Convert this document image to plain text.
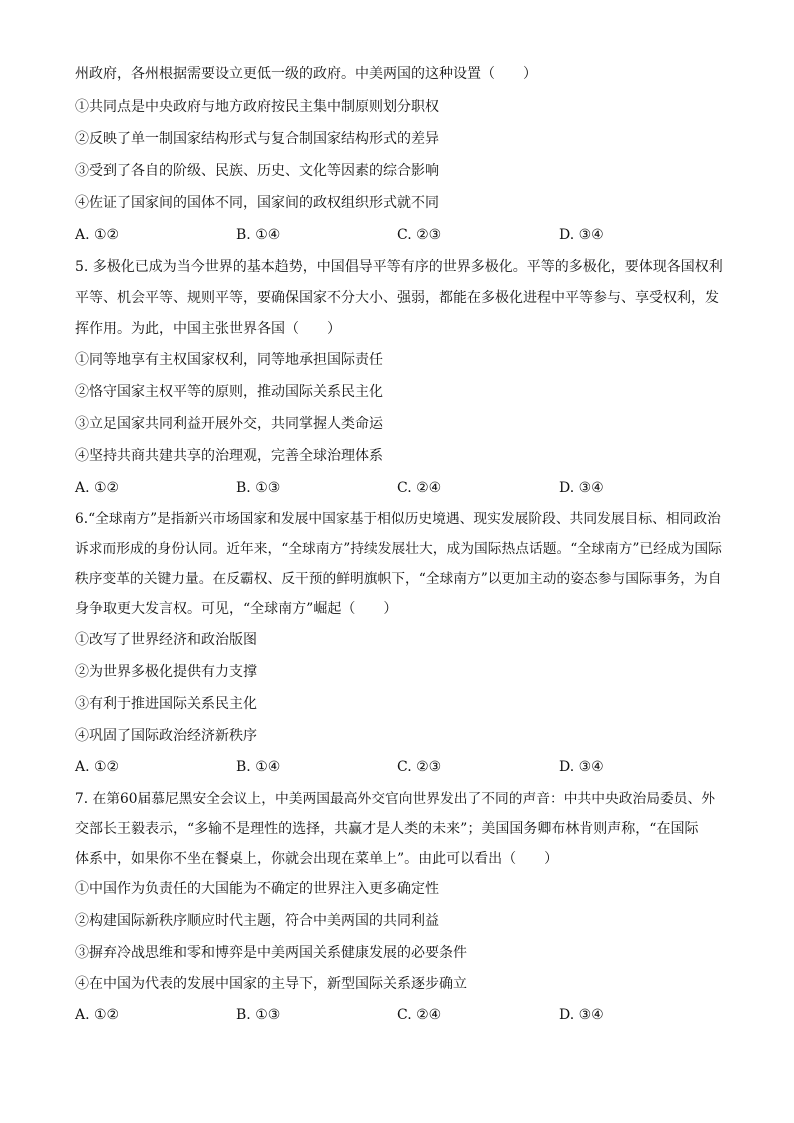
州政府，各州根据需要设立更低一级的政府。中美两国的这种设置（　　）
①共同点是中央政府与地方政府按民主集中制原则划分职权
②反映了单一制国家结构形式与复合制国家结构形式的差异
③受到了各自的阶级、民族、历史、文化等因素的综合影响
④佐证了国家间的国体不同，国家间的政权组织形式就不同
A. ①②	B. ①④	C. ②③	D. ③④
5. 多极化已成为当今世界的基本趋势，中国倡导平等有序的世界多极化。平等的多极化，要体现各国权利
平等、机会平等、规则平等，要确保国家不分大小、强弱，都能在多极化进程中平等参与、享受权利，发
挥作用。为此，中国主张世界各国（　　）
①同等地享有主权国家权利，同等地承担国际责任
②恪守国家主权平等的原则，推动国际关系民主化
③立足国家共同利益开展外交，共同掌握人类命运
④坚持共商共建共享的治理观，完善全球治理体系
A. ①②	B. ①③	C. ②④	D. ③④
6.“全球南方”是指新兴市场国家和发展中国家基于相似历史境遇、现实发展阶段、共同发展目标、相同政治
诉求而形成的身份认同。近年来，“全球南方”持续发展壮大，成为国际热点话题。“全球南方”已经成为国际
秩序变革的关键力量。在反霸权、反干预的鲜明旗帜下，“全球南方”以更加主动的姿态参与国际事务，为自
身争取更大发言权。可见，“全球南方”崛起（　　）
①改写了世界经济和政治版图
②为世界多极化提供有力支撑
③有利于推进国际关系民主化
④巩固了国际政治经济新秩序
A. ①②	B. ①④	C. ②③	D. ③④
7. 在第60届慕尼黑安全会议上，中美两国最高外交官向世界发出了不同的声音：中共中央政治局委员、外
交部长王毅表示，“多输不是理性的选择，共赢才是人类的未来”；美国国务卿布林肯则声称，“在国际
体系中，如果你不坐在餐桌上，你就会出现在菜单上”。由此可以看出（　　）
①中国作为负责任的大国能为不确定的世界注入更多确定性
②构建国际新秩序顺应时代主题，符合中美两国的共同利益
③摒弃冷战思维和零和博弈是中美两国关系健康发展的必要条件
④在中国为代表的发展中国家的主导下，新型国际关系逐步确立
A. ①②	B. ①③	C. ②④	D. ③④
